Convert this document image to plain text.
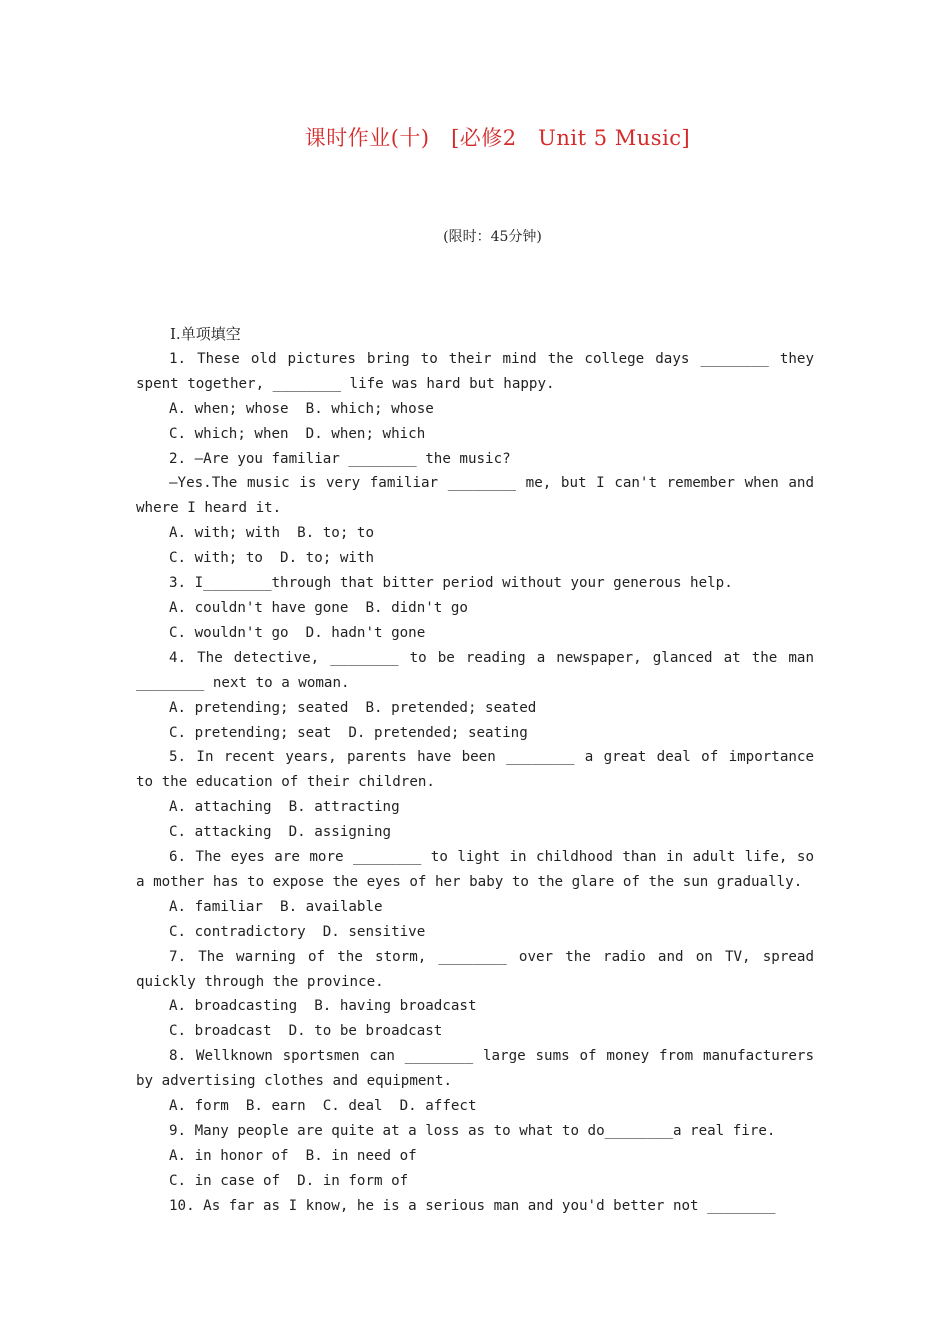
课时作业(十)　[必修2　Unit 5 Music]
(限时：45分钟)
Ⅰ.单项填空

1. These old pictures bring to their mind the college days ________ they spent together, ________ life was hard but happy.

A. when; whose  B. which; whose

C. which; when  D. when; which

2. —Are you familiar ________ the music?

—Yes.The music is very familiar ________ me, but I can't remember when and where I heard it.

A. with; with  B. to; to

C. with; to  D. to; with

3. I________through that bitter period without your generous help.

A. couldn't have gone  B. didn't go

C. wouldn't go  D. hadn't gone

4. The detective, ________ to be reading a newspaper, glanced at the man ________ next to a woman.

A. pretending; seated  B. pretended; seated

C. pretending; seat  D. pretended; seating

5. In recent years, parents have been ________ a great deal of importance to the education of their children.

A. attaching  B. attracting

C. attacking  D. assigning

6. The eyes are more ________ to light in childhood than in adult life, so a mother has to expose the eyes of her baby to the glare of the sun gradually.

A. familiar  B. available

C. contradictory  D. sensitive

7. The warning of the storm, ________ over the radio and on TV, spread quickly through the province.

A. broadcasting  B. having broadcast

C. broadcast  D. to be broadcast

8. Wellknown sportsmen can ________ large sums of money from manufacturers by advertising clothes and equipment.

A. form  B. earn  C. deal  D. affect

9. Many people are quite at a loss as to what to do________a real fire.

A. in honor of  B. in need of

C. in case of  D. in form of

10. As far as I know, he is a serious man and you'd better not ________
